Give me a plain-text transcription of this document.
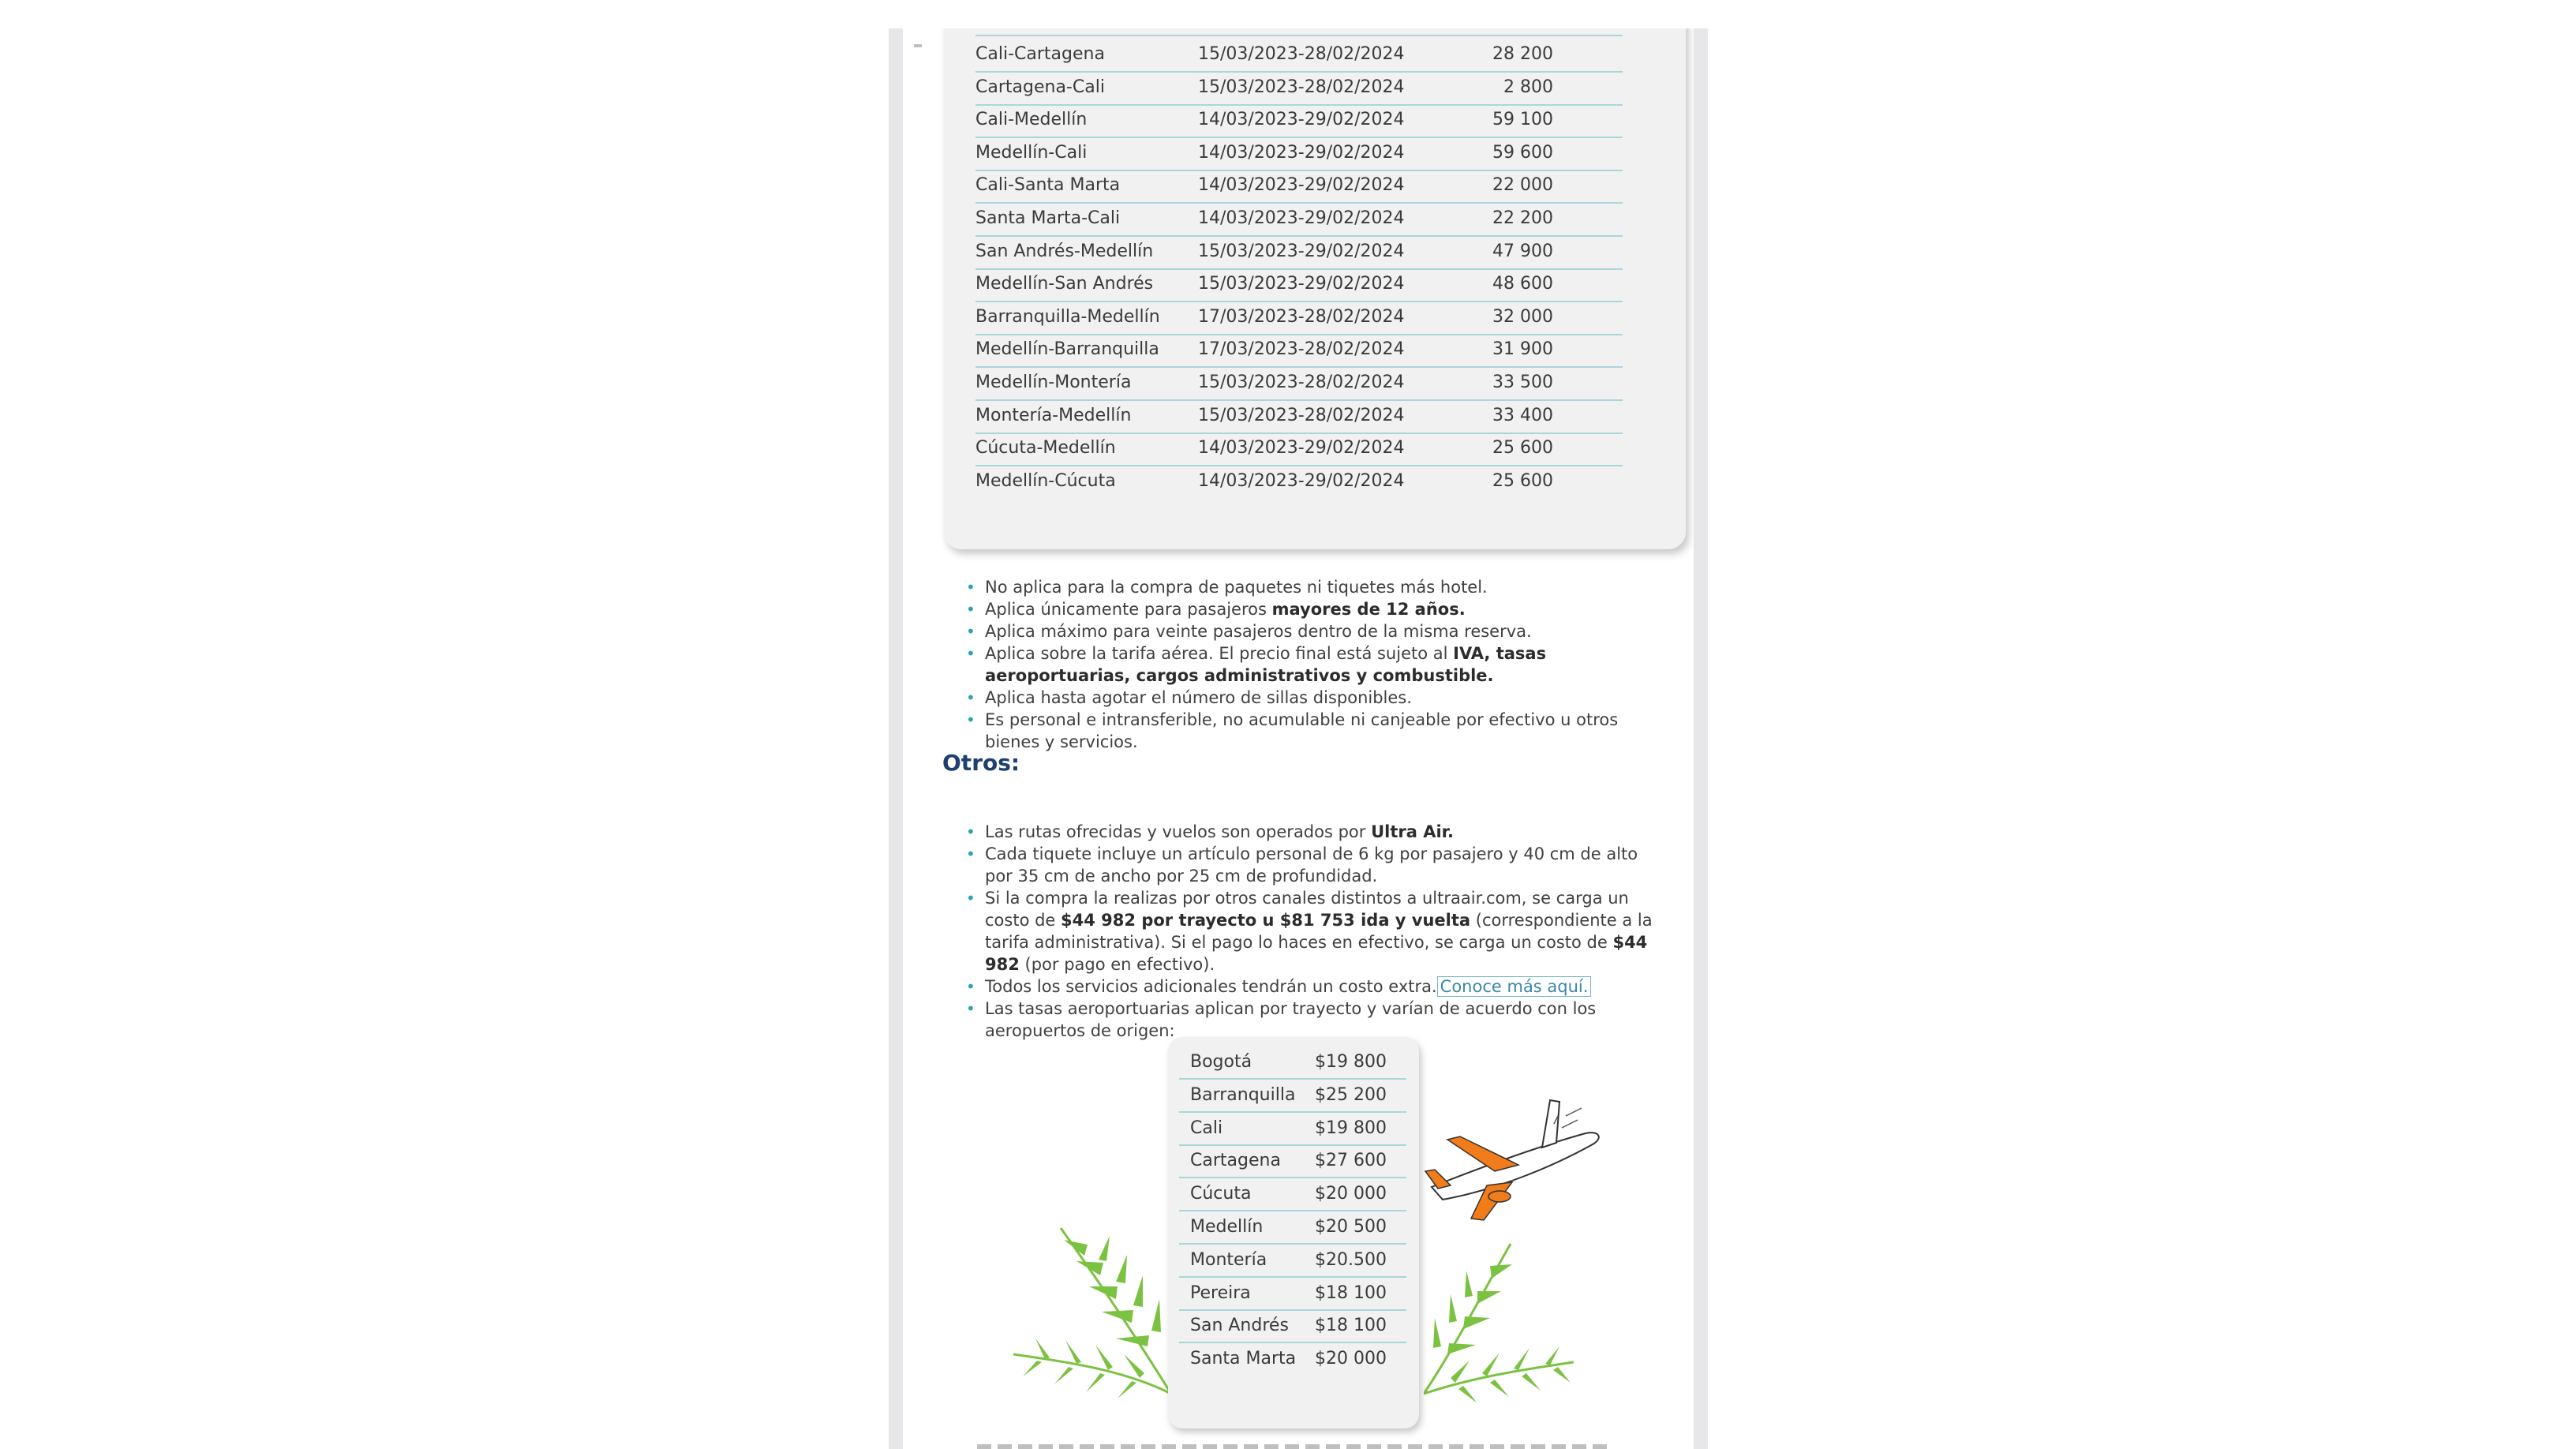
Cali-Cartagena	15/03/2023-28/02/2024	28 200
Cartagena-Cali	15/03/2023-28/02/2024	2 800
Cali-Medellín	14/03/2023-29/02/2024	59 100
Medellín-Cali	14/03/2023-29/02/2024	59 600
Cali-Santa Marta	14/03/2023-29/02/2024	22 000
Santa Marta-Cali	14/03/2023-29/02/2024	22 200
San Andrés-Medellín	15/03/2023-29/02/2024	47 900
Medellín-San Andrés	15/03/2023-29/02/2024	48 600
Barranquilla-Medellín 17/03/2023-28/02/2024	32 000
Medellín-Barranquilla 17/03/2023-28/02/2024	31 900
Medellín-Montería	15/03/2023-28/02/2024	33 500
Montería-Medellín	15/03/2023-28/02/2024	33 400
Cúcuta-Medellín	14/03/2023-29/02/2024	25 600
Medellín-Cúcuta	14/03/2023-29/02/2024	25 600
• No aplica para la compra de paquetes ni tiquetes más hotel.
• Aplica únicamente para pasajeros mayores de 12 años.
• Aplica máximo para veinte pasajeros dentro de la misma reserva.
• Aplica sobre la tarifa aérea. El precio final está sujeto al IVA, tasas aeroportuarias, cargos administrativos y combustible.
• Aplica hasta agotar el número de sillas disponibles.
• Es personal e intransferible, no acumulable ni canjeable por efectivo u otros bienes y servicios.
Otros:
• Las rutas ofrecidas y vuelos son operados por Ultra Air.
• Cada tiquete incluye un artículo personal de 6 kg por pasajero y 40 cm de alto por 35 cm de ancho por 25 cm de profundidad.
• Si la compra la realizas por otros canales distintos a ultraair.com, se carga un costo de $44 982 por trayecto u $81 753 ida y vuelta (correspondiente a la tarifa administrativa). Si el pago lo haces en efectivo, se carga un costo de $44 982 (por pago en efectivo).
• Todos los servicios adicionales tendrán un costo extra. Conoce más aquí.
• Las tasas aeroportuarias aplican por trayecto y varían de acuerdo con los aeropuertos de origen:
Bogotá	$19 800
Barranquilla $25 200
Cali	$19 800
Cartagena $27 600
Cúcuta	$20 000
Medellín	$20 500
Montería	$20.500
Pereira	$18 100
San Andrés $18 100
Santa Marta $20 000
